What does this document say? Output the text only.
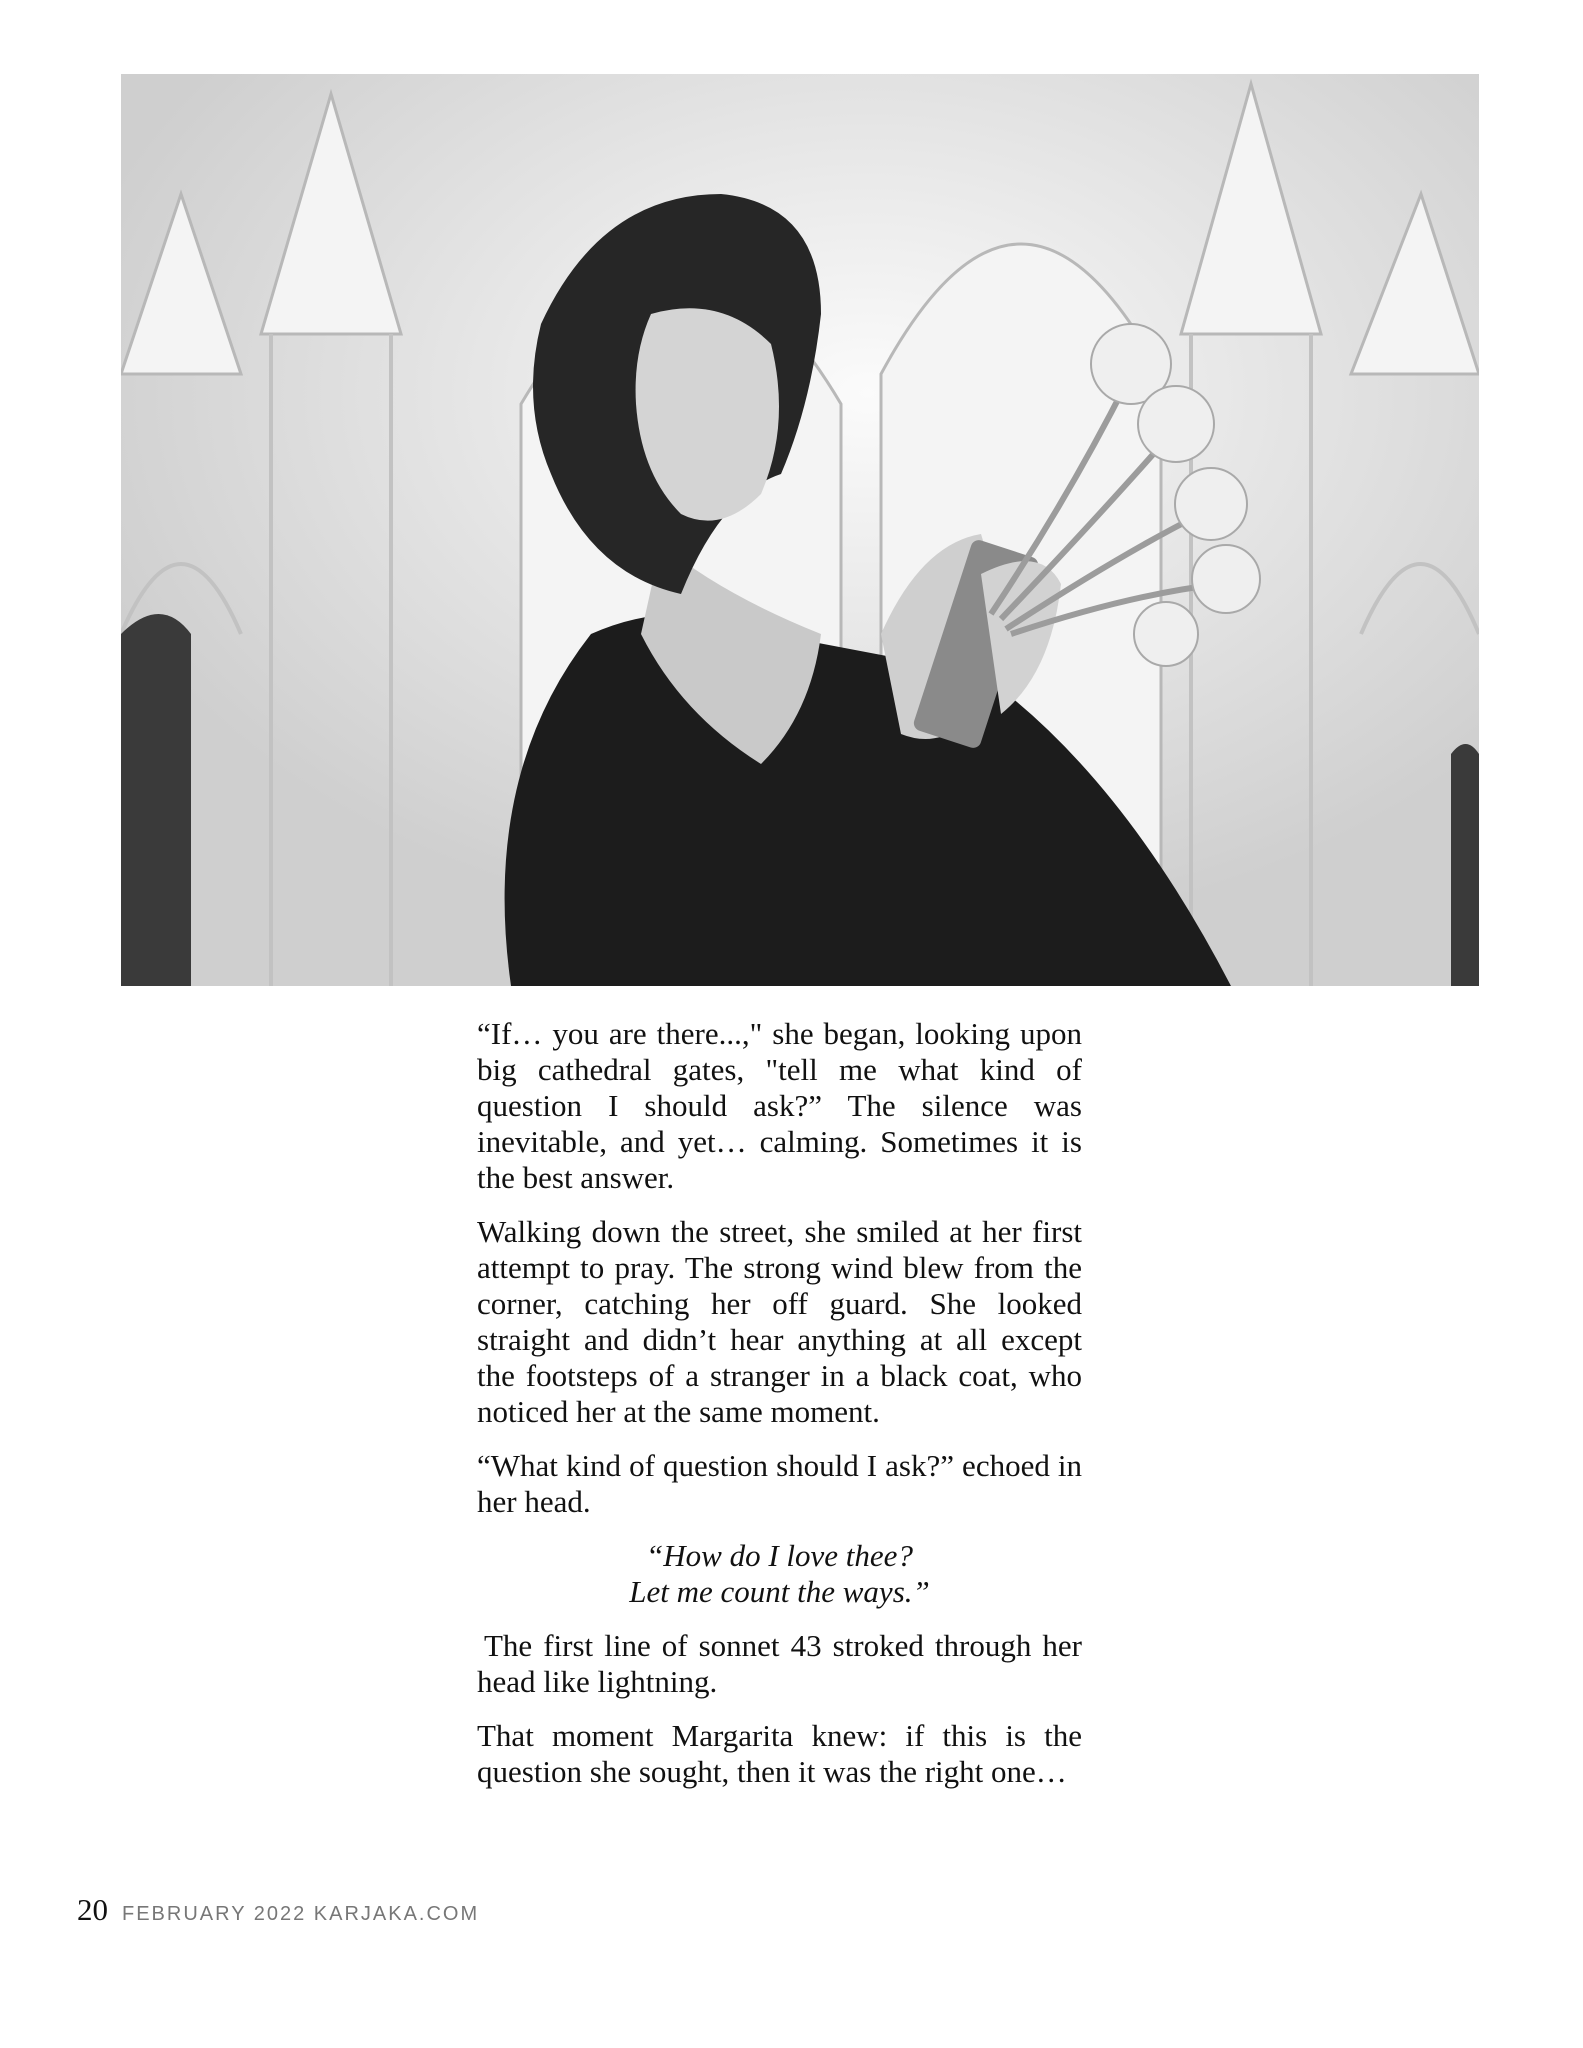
“If… you are there...," she began, looking upon big cathedral gates, "tell me what kind of question I should ask?” The silence was inevitable, and yet… calming. Sometimes it is the best answer.

Walking down the street, she smiled at her first attempt to pray. The strong wind blew from the corner, catching her off guard. She looked straight and didn’t hear anything at all except the footsteps of a stranger in a black coat, who noticed her at the same moment.

“What kind of question should I ask?” echoed in her head.

“How do I love thee?
Let me count the ways.”

The first line of sonnet 43 stroked through her head like lightning.

That moment Margarita knew: if this is the question she sought, then it was the right one…

20 FEBRUARY 2022 KARJAKA.COM
